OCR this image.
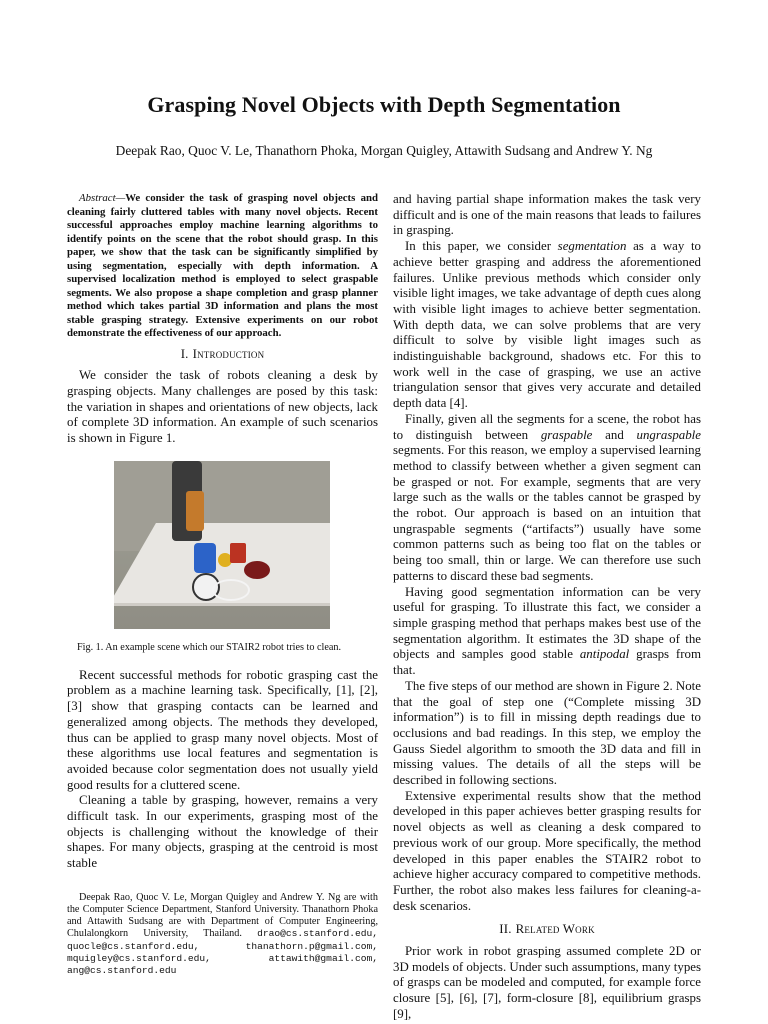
Grasping Novel Objects with Depth Segmentation
Deepak Rao, Quoc V. Le, Thanathorn Phoka, Morgan Quigley, Attawith Sudsang and Andrew Y. Ng

Abstract—We consider the task of grasping novel objects and cleaning fairly cluttered tables with many novel objects. Recent successful approaches employ machine learning algorithms to identify points on the scene that the robot should grasp. In this paper, we show that the task can be significantly simplified by using segmentation, especially with depth information. A supervised localization method is employed to select graspable segments. We also propose a shape completion and grasp planner method which takes partial 3D information and plans the most stable grasping strategy. Extensive experiments on our robot demonstrate the effectiveness of our approach.

I. Introduction

We consider the task of robots cleaning a desk by grasping objects. Many challenges are posed by this task: the variation in shapes and orientations of new objects, lack of complete 3D information. An example of such scenarios is shown in Figure 1.

Fig. 1. An example scene which our STAIR2 robot tries to clean.

Recent successful methods for robotic grasping cast the problem as a machine learning task. Specifically, [1], [2], [3] show that grasping contacts can be learned and generalized among objects. The methods they developed, thus can be applied to grasp many novel objects. Most of these algorithms use local features and segmentation is avoided because color segmentation does not usually yield good results for a cluttered scene.

Cleaning a table by grasping, however, remains a very difficult task. In our experiments, grasping most of the objects is challenging without the knowledge of their shapes. For many objects, grasping at the centroid is most stable

Deepak Rao, Quoc V. Le, Morgan Quigley and Andrew Y. Ng are with the Computer Science Department, Stanford University. Thanathorn Phoka and Attawith Sudsang are with Department of Computer Engineering, Chulalongkorn University, Thailand. drao@cs.stanford.edu, quocle@cs.stanford.edu, thanathorn.p@gmail.com, mquigley@cs.stanford.edu, attawith@gmail.com, ang@cs.stanford.edu

and having partial shape information makes the task very difficult and is one of the main reasons that leads to failures in grasping.

In this paper, we consider segmentation as a way to achieve better grasping and address the aforementioned failures. Unlike previous methods which consider only visible light images, we take advantage of depth cues along with visible light images to achieve better segmentation. With depth data, we can solve problems that are very difficult to solve by visible light images such as indistinguishable background, shadows etc. For this to work well in the case of grasping, we use an active triangulation sensor that gives very accurate and detailed depth data [4].

Finally, given all the segments for a scene, the robot has to distinguish between graspable and ungraspable segments. For this reason, we employ a supervised learning method to classify between whether a given segment can be grasped or not. For example, segments that are very large such as the walls or the tables cannot be grasped by the robot. Our approach is based on an intuition that ungraspable segments (“artifacts”) usually have some common patterns such as being too flat on the tables or being too small, thin or large. We can therefore use such patterns to discard these bad segments.

Having good segmentation information can be very useful for grasping. To illustrate this fact, we consider a simple grasping method that perhaps makes best use of the segmentation algorithm. It estimates the 3D shape of the objects and samples good stable antipodal grasps from that.

The five steps of our method are shown in Figure 2. Note that the goal of step one (“Complete missing 3D information”) is to fill in missing depth readings due to occlusions and bad readings. In this step, we employ the Gauss Siedel algorithm to smooth the 3D data and fill in missing values. The details of all the steps will be described in following sections.

Extensive experimental results show that the method developed in this paper achieves better grasping results for novel objects as well as cleaning a desk compared to previous work of our group. More specifically, the method developed in this paper enables the STAIR2 robot to achieve higher accuracy compared to competitive methods. Further, the robot also makes less failures for cleaning-a-desk scenarios.

II. Related Work

Prior work in robot grasping assumed complete 2D or 3D models of objects. Under such assumptions, many types of grasps can be modeled and computed, for example force closure [5], [6], [7], form-closure [8], equilibrium grasps [9],
